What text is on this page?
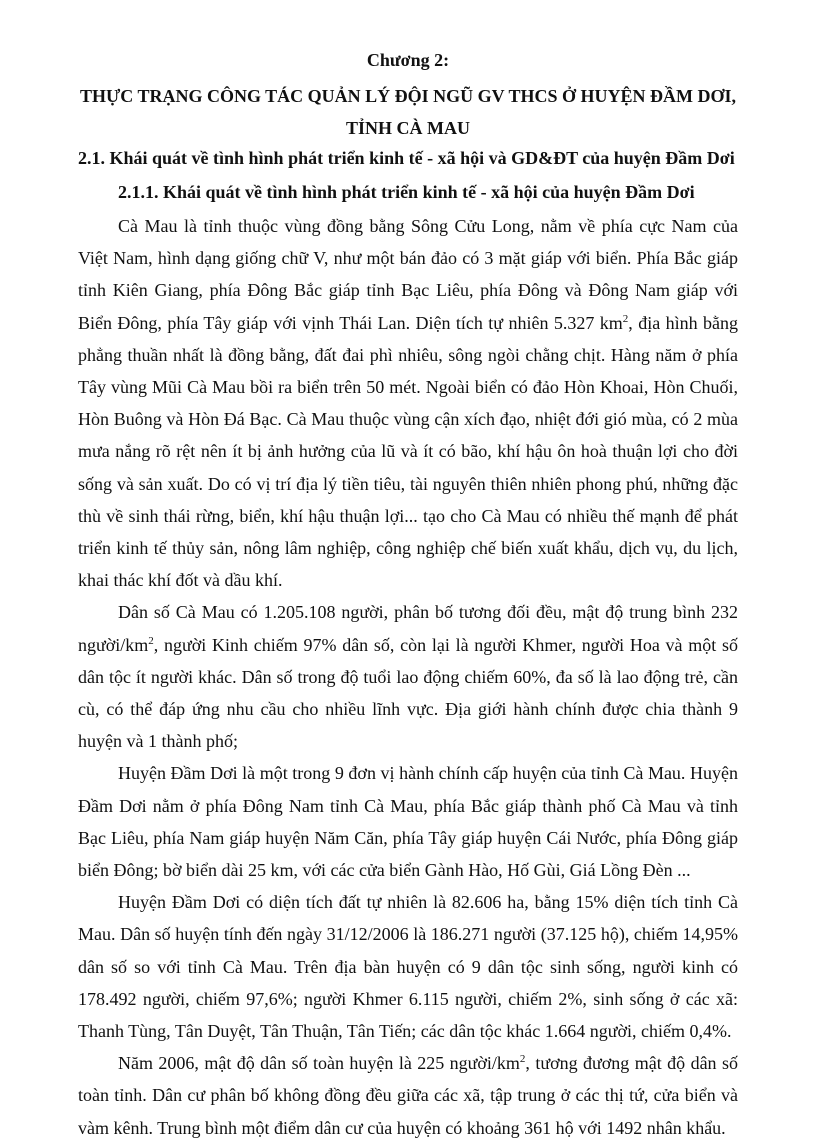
Chương 2:
THỰC TRẠNG CÔNG TÁC QUẢN LÝ ĐỘI NGŨ GV THCS Ở HUYỆN ĐẦM DƠI,
TỈNH CÀ MAU
2.1. Khái quát về tình hình phát triển kinh tế - xã hội và GD&ĐT của huyện Đầm Dơi
2.1.1. Khái quát về tình hình phát triển kinh tế - xã hội của huyện Đầm Dơi

Cà Mau là tỉnh thuộc vùng đồng bằng Sông Cửu Long, nằm về phía cực Nam của Việt Nam, hình dạng giống chữ V, như một bán đảo có 3 mặt giáp với biển. Phía Bắc giáp tỉnh Kiên Giang, phía Đông Bắc giáp tỉnh Bạc Liêu, phía Đông và Đông Nam giáp với Biển Đông, phía Tây giáp với vịnh Thái Lan. Diện tích tự nhiên 5.327 $km^2$, địa hình bằng phẳng thuần nhất là đồng bằng, đất đai phì nhiêu, sông ngòi chằng chịt. Hàng năm ở phía Tây vùng Mũi Cà Mau bồi ra biển trên 50 mét. Ngoài biển có đảo Hòn Khoai, Hòn Chuối, Hòn Buông và Hòn Đá Bạc. Cà Mau thuộc vùng cận xích đạo, nhiệt đới gió mùa, có 2 mùa mưa nắng rõ rệt nên ít bị ảnh hưởng của lũ và ít có bão, khí hậu ôn hoà thuận lợi cho đời sống và sản xuất. Do có vị trí địa lý tiền tiêu, tài nguyên thiên nhiên phong phú, những đặc thù về sinh thái rừng, biển, khí hậu thuận lợi... tạo cho Cà Mau có nhiều thế mạnh để phát triển kinh tế thủy sản, nông lâm nghiệp, công nghiệp chế biến xuất khẩu, dịch vụ, du lịch, khai thác khí đốt và dầu khí.

Dân số Cà Mau có 1.205.108 người, phân bố tương đối đều, mật độ trung bình 232 người/$km^2$, người Kinh chiếm 97% dân số, còn lại là người Khmer, người Hoa và một số dân tộc ít người khác. Dân số trong độ tuổi lao động chiếm 60%, đa số là lao động trẻ, cần cù, có thể đáp ứng nhu cầu cho nhiều lĩnh vực. Địa giới hành chính được chia thành 9 huyện và 1 thành phố;

Huyện Đầm Dơi là một trong 9 đơn vị hành chính cấp huyện của tỉnh Cà Mau. Huyện Đầm Dơi nằm ở phía Đông Nam tỉnh Cà Mau, phía Bắc giáp thành phố Cà Mau và tỉnh Bạc Liêu, phía Nam giáp huyện Năm Căn, phía Tây giáp huyện Cái Nước, phía Đông giáp biển Đông; bờ biển dài 25 km, với các cửa biển Gành Hào, Hố Gùi, Giá Lồng Đèn ...

Huyện Đầm Dơi có diện tích đất tự nhiên là 82.606 ha, bằng 15% diện tích tỉnh Cà Mau. Dân số huyện tính đến ngày 31/12/2006 là 186.271 người (37.125 hộ), chiếm 14,95% dân số so với tỉnh Cà Mau. Trên địa bàn huyện có 9 dân tộc sinh sống, người kinh có 178.492 người, chiếm 97,6%; người Khmer 6.115 người, chiếm 2%, sinh sống ở các xã: Thanh Tùng, Tân Duyệt, Tân Thuận, Tân Tiến; các dân tộc khác 1.664 người, chiếm 0,4%.

Năm 2006, mật độ dân số toàn huyện là 225 người/$km^2$, tương đương mật độ dân số toàn tỉnh. Dân cư phân bố không đồng đều giữa các xã, tập trung ở các thị tứ, cửa biển và vàm kênh. Trung bình một điểm dân cư của huyện có khoảng 361 hộ với 1492 nhân khẩu.
